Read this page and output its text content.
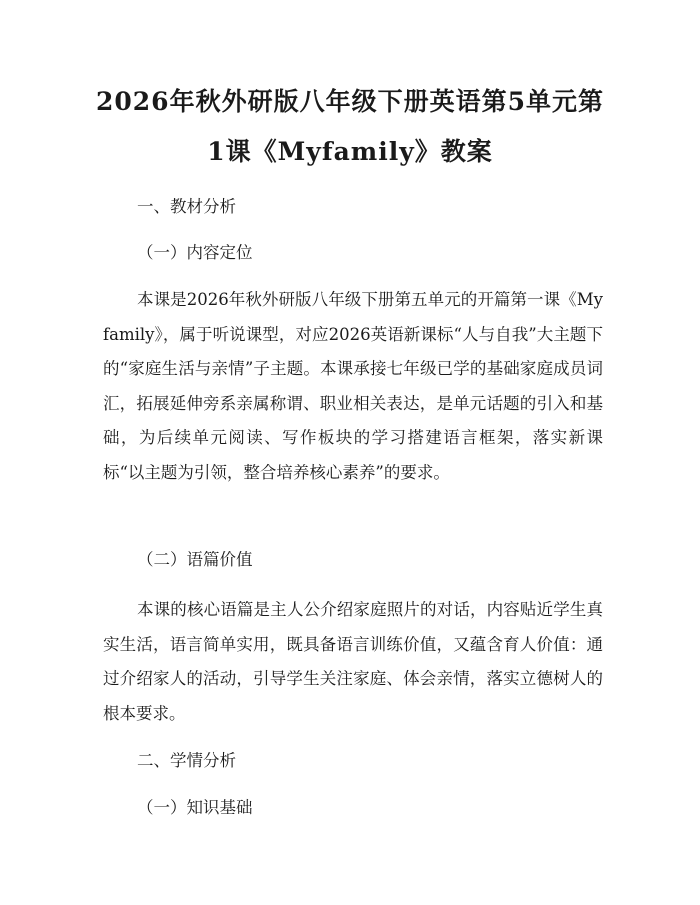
2026年秋外研版八年级下册英语第5单元第
1课《Myfamily》教案
一、教材分析
（一）内容定位
本课是2026年秋外研版八年级下册第五单元的开篇第一课《My family》，属于听说课型，对应2026英语新课标“人与自我”大主题下的“家庭生活与亲情”子主题。本课承接七年级已学的基础家庭成员词汇，拓展延伸旁系亲属称谓、职业相关表达，是单元话题的引入和基础，为后续单元阅读、写作板块的学习搭建语言框架，落实新课标“以主题为引领，整合培养核心素养”的要求。
（二）语篇价值
本课的核心语篇是主人公介绍家庭照片的对话，内容贴近学生真实生活，语言简单实用，既具备语言训练价值，又蕴含育人价值：通过介绍家人的活动，引导学生关注家庭、体会亲情，落实立德树人的根本要求。
二、学情分析
（一）知识基础
